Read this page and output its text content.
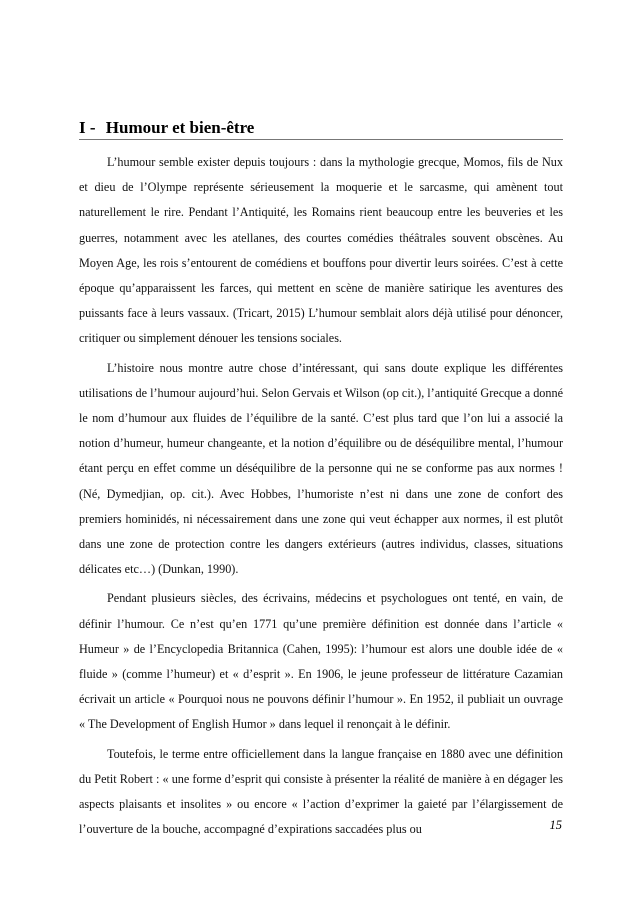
I - Humour et bien-être

L’humour semble exister depuis toujours : dans la mythologie grecque, Momos, fils de Nux et dieu de l’Olympe représente sérieusement la moquerie et le sarcasme, qui amènent tout naturellement le rire. Pendant l’Antiquité, les Romains rient beaucoup entre les beuveries et les guerres, notamment avec les atellanes, des courtes comédies théâtrales souvent obscènes. Au Moyen Age, les rois s’entourent de comédiens et bouffons pour divertir leurs soirées. C’est à cette époque qu’apparaissent les farces, qui mettent en scène de manière satirique les aventures des puissants face à leurs vassaux. (Tricart, 2015) L’humour semblait alors déjà utilisé pour dénoncer, critiquer ou simplement dénouer les tensions sociales.

L’histoire nous montre autre chose d’intéressant, qui sans doute explique les différentes utilisations de l’humour aujourd’hui. Selon Gervais et Wilson (op cit.), l’antiquité Grecque a donné le nom d’humour aux fluides de l’équilibre de la santé. C’est plus tard que l’on lui a associé la notion d’humeur, humeur changeante, et la notion d’équilibre ou de déséquilibre mental, l’humour étant perçu en effet comme un déséquilibre de la personne qui ne se conforme pas aux normes ! (Né, Dymedjian, op. cit.). Avec Hobbes, l’humoriste n’est ni dans une zone de confort des premiers hominidés, ni nécessairement dans une zone qui veut échapper aux normes, il est plutôt dans une zone de protection contre les dangers extérieurs (autres individus, classes, situations délicates etc…) (Dunkan, 1990).

Pendant plusieurs siècles, des écrivains, médecins et psychologues ont tenté, en vain, de définir l’humour. Ce n’est qu’en 1771 qu’une première définition est donnée dans l’article « Humeur » de l’Encyclopedia Britannica (Cahen, 1995): l’humour est alors une double idée de « fluide » (comme l’humeur) et « d’esprit ». En 1906, le jeune professeur de littérature Cazamian écrivait un article « Pourquoi nous ne pouvons définir l’humour ». En 1952, il publiait un ouvrage « The Development of English Humor » dans lequel il renonçait à le définir.

Toutefois, le terme entre officiellement dans la langue française en 1880 avec une définition du Petit Robert : « une forme d’esprit qui consiste à présenter la réalité de manière à en dégager les aspects plaisants et insolites » ou encore « l’action d’exprimer la gaieté par l’élargissement de l’ouverture de la bouche, accompagné d’expirations saccadées plus ou	15
